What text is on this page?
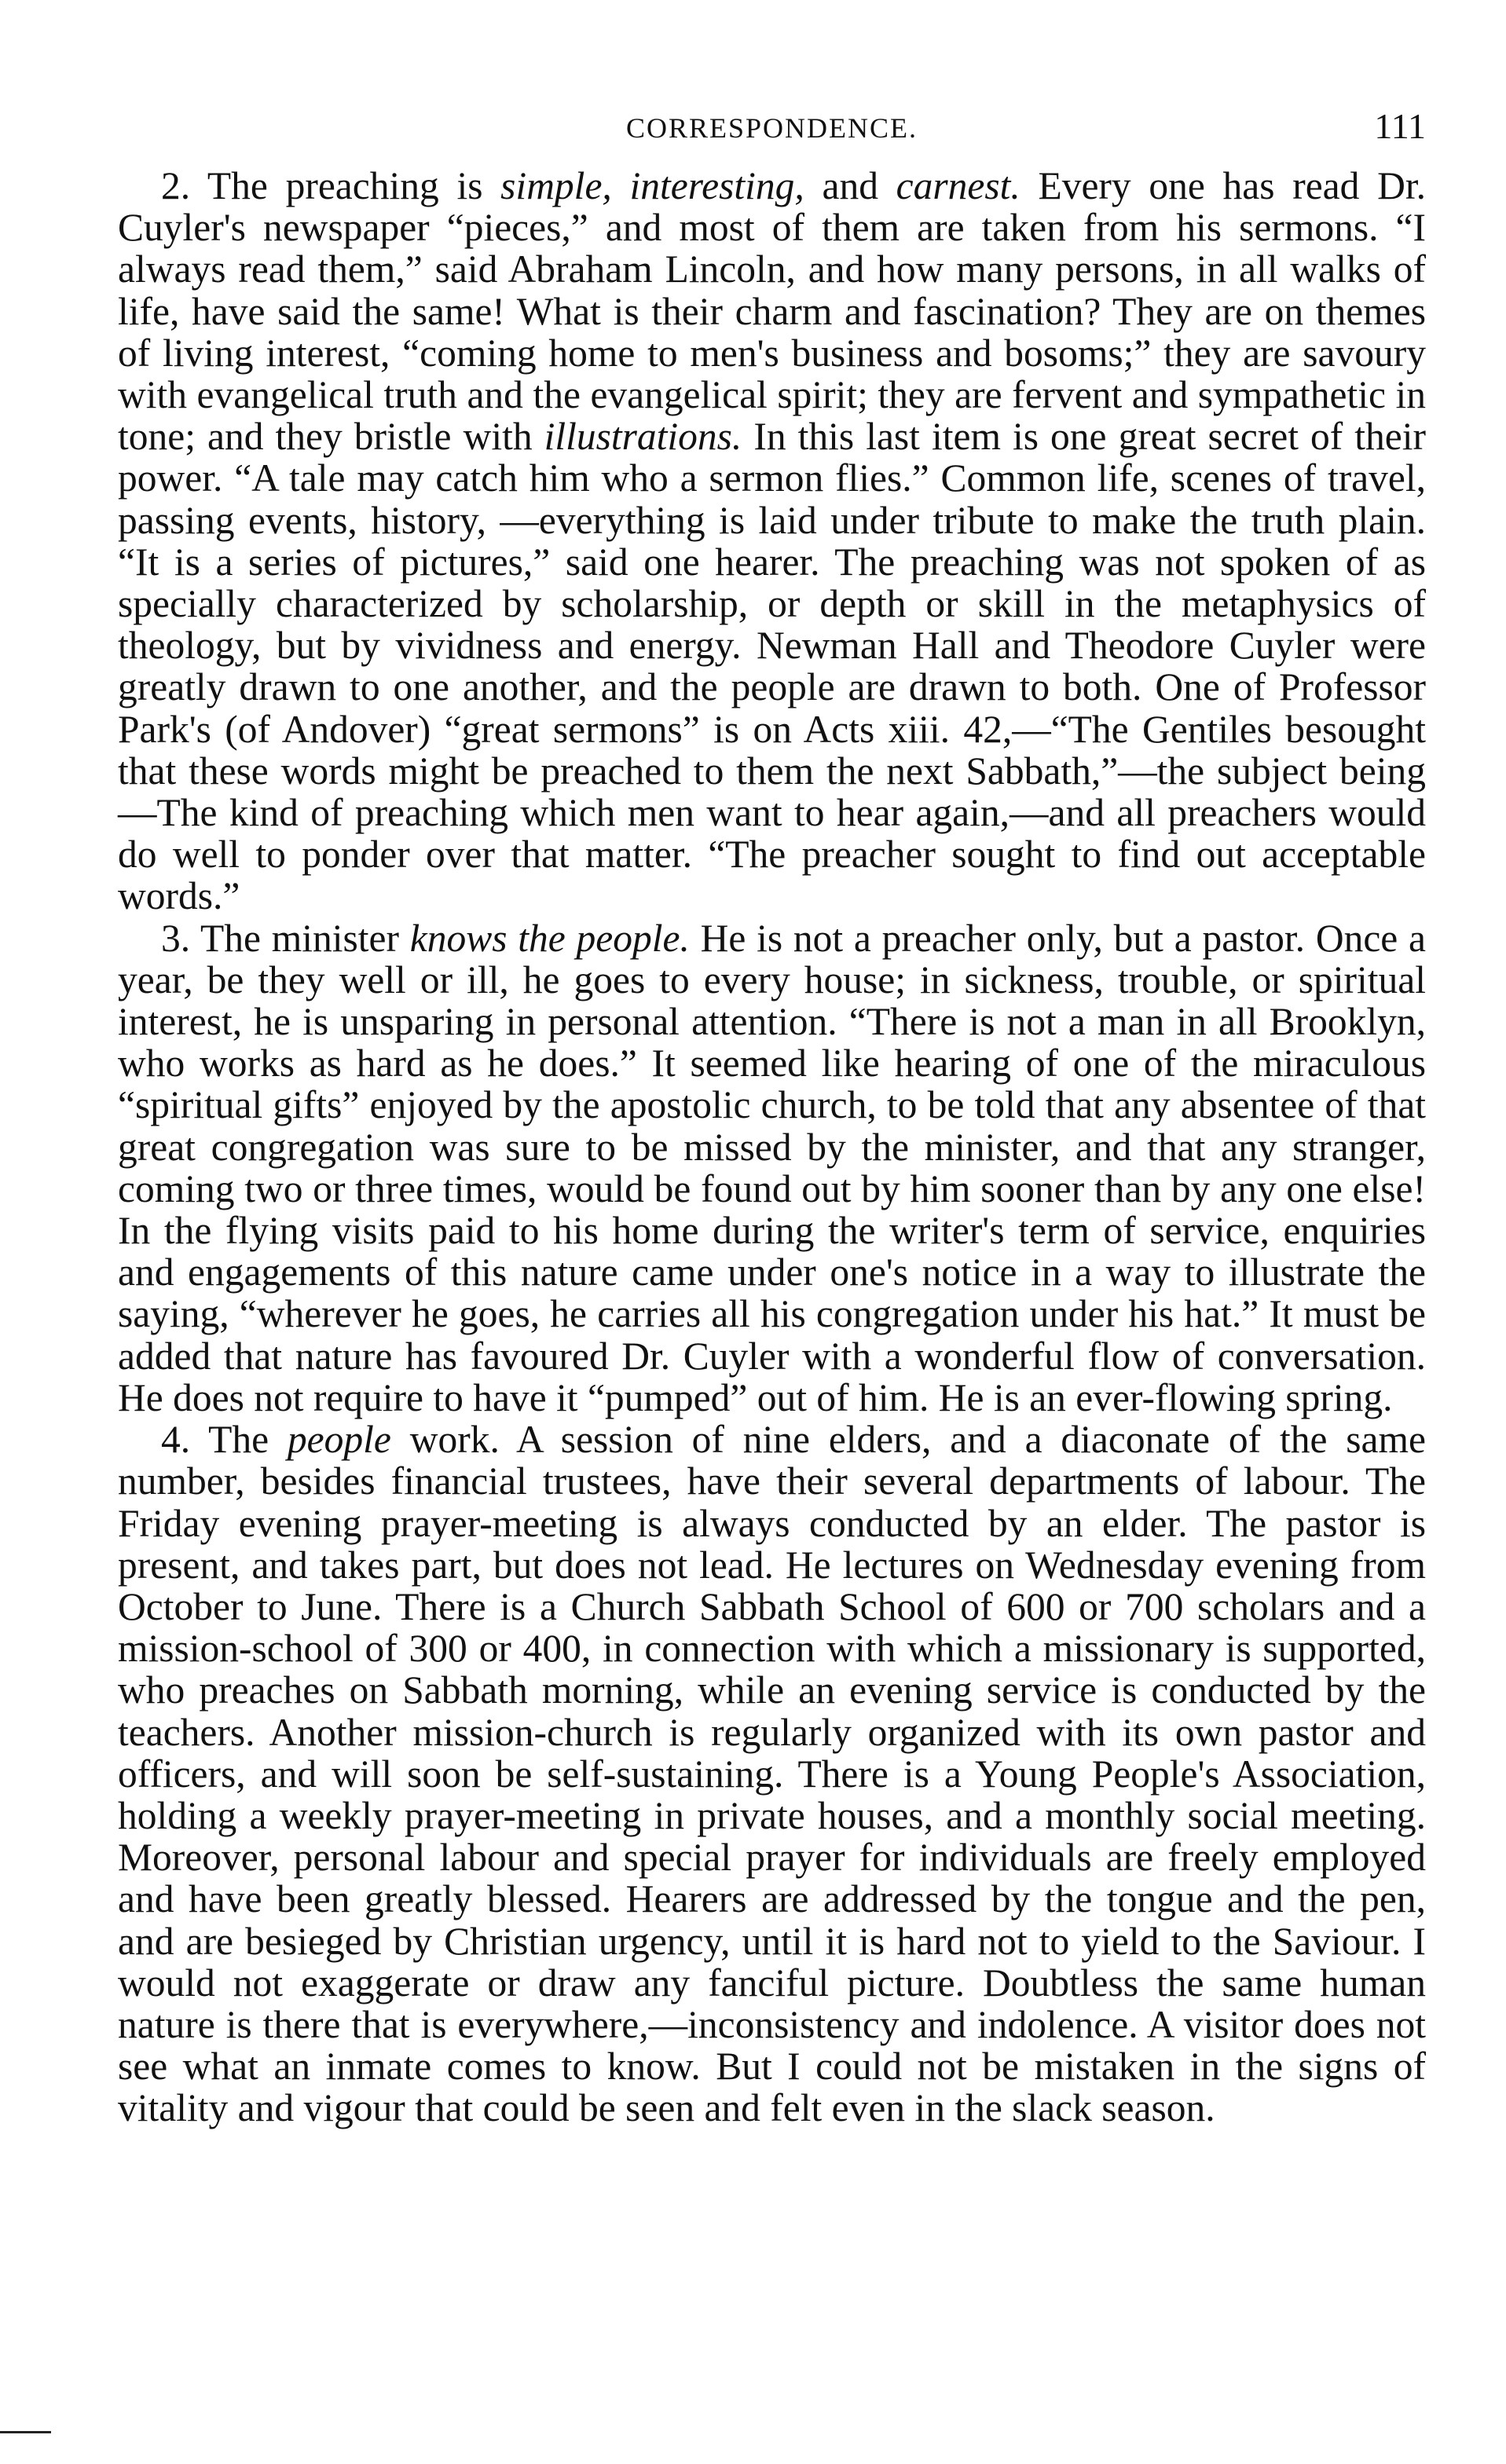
CORRESPONDENCE.	111

2. The preaching is simple, interesting, and carnest. Every one has read Dr. Cuyler's newspaper “pieces,” and most of them are taken from his sermons. “I always read them,” said Abraham Lincoln, and how many persons, in all walks of life, have said the same! What is their charm and fascination? They are on themes of living interest, “coming home to men's business and bosoms;” they are savoury with evangelical truth and the evangelical spirit; they are fervent and sympathetic in tone; and they bristle with illustrations. In this last item is one great secret of their power. “A tale may catch him who a sermon flies.” Common life, scenes of travel, passing events, history, —everything is laid under tribute to make the truth plain. “It is a series of pictures,” said one hearer. The preaching was not spoken of as specially characterized by scholarship, or depth or skill in the metaphysics of theology, but by vividness and energy. Newman Hall and Theodore Cuyler were greatly drawn to one another, and the people are drawn to both. One of Professor Park's (of Andover) “great sermons” is on Acts xiii. 42,—“The Gentiles besought that these words might be preached to them the next Sabbath,”—the subject being—The kind of preaching which men want to hear again,—and all preachers would do well to ponder over that matter. “The preacher sought to find out acceptable words.”

3. The minister knows the people. He is not a preacher only, but a pastor. Once a year, be they well or ill, he goes to every house; in sickness, trouble, or spiritual interest, he is unsparing in personal attention. “There is not a man in all Brooklyn, who works as hard as he does.” It seemed like hearing of one of the miraculous “spiritual gifts” enjoyed by the apostolic church, to be told that any absentee of that great congregation was sure to be missed by the minister, and that any stranger, coming two or three times, would be found out by him sooner than by any one else! In the flying visits paid to his home during the writer's term of service, enquiries and engagements of this nature came under one's notice in a way to illustrate the saying, “wherever he goes, he carries all his congregation under his hat.” It must be added that nature has favoured Dr. Cuyler with a wonderful flow of conversation. He does not require to have it “pumped” out of him. He is an ever-flowing spring.

4. The people work. A session of nine elders, and a diaconate of the same number, besides financial trustees, have their several departments of labour. The Friday evening prayer-meeting is always conducted by an elder. The pastor is present, and takes part, but does not lead. He lectures on Wednesday evening from October to June. There is a Church Sabbath School of 600 or 700 scholars and a mission-school of 300 or 400, in connection with which a missionary is supported, who preaches on Sabbath morning, while an evening service is conducted by the teachers. Another mission-church is regularly organized with its own pastor and officers, and will soon be self-sustaining. There is a Young People's Association, holding a weekly prayer-meeting in private houses, and a monthly social meeting. Moreover, personal labour and special prayer for individuals are freely employed and have been greatly blessed. Hearers are addressed by the tongue and the pen, and are besieged by Christian urgency, until it is hard not to yield to the Saviour. I would not exaggerate or draw any fanciful picture. Doubtless the same human nature is there that is everywhere,—inconsistency and indolence. A visitor does not see what an inmate comes to know. But I could not be mistaken in the signs of vitality and vigour that could be seen and felt even in the slack season.
